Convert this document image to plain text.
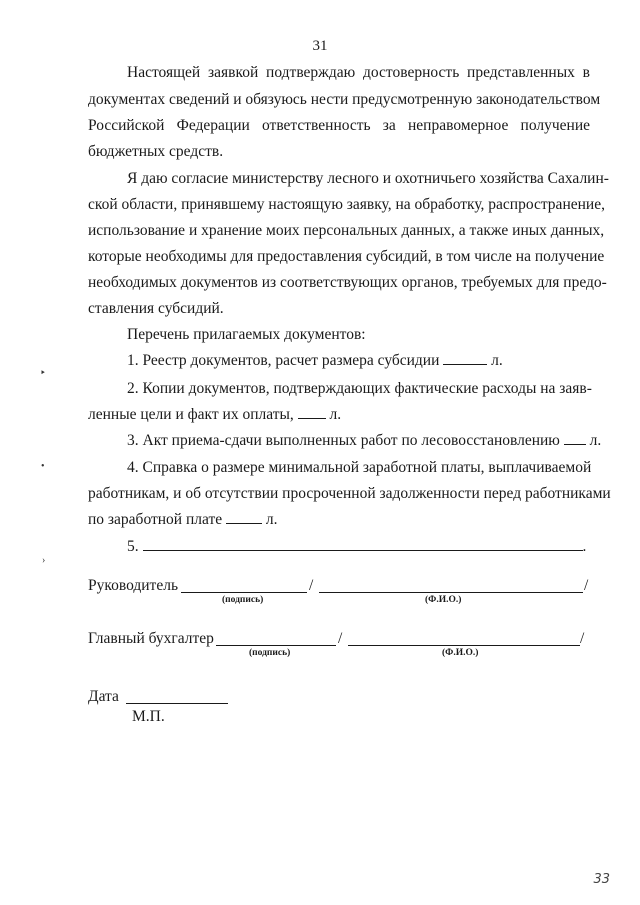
31
Настоящей заявкой подтверждаю достоверность представленных в
документах сведений и обязуюсь нести предусмотренную законодательством
Российской Федерации ответственность за неправомерное получение
бюджетных средств.
Я даю согласие министерству лесного и охотничьего хозяйства Сахалин-
ской области, принявшему настоящую заявку, на обработку, распространение,
использование и хранение моих персональных данных, а также иных данных,
которые необходимы для предоставления субсидий, в том числе на получение
необходимых документов из соответствующих органов, требуемых для предо-
ставления субсидий.
Перечень прилагаемых документов:
1. Реестр документов, расчет размера субсидии	л.
2. Копии документов, подтверждающих фактические расходы на заяв-
ленные цели и факт их оплаты, л.
3. Акт приема-сдачи выполненных работ по лесовосстановлению л.
4. Справка о размере минимальной заработной платы, выплачиваемой
работникам, и об отсутствии просроченной задолженности перед работниками
по заработной плате	л.
5.	.
Руководитель	/	/
(подпись)	(Ф.И.О.)
Главный бухгалтер	/	/
(подпись)	(Ф.И.О.)
Дата
М.П.
‣
•
›
33
